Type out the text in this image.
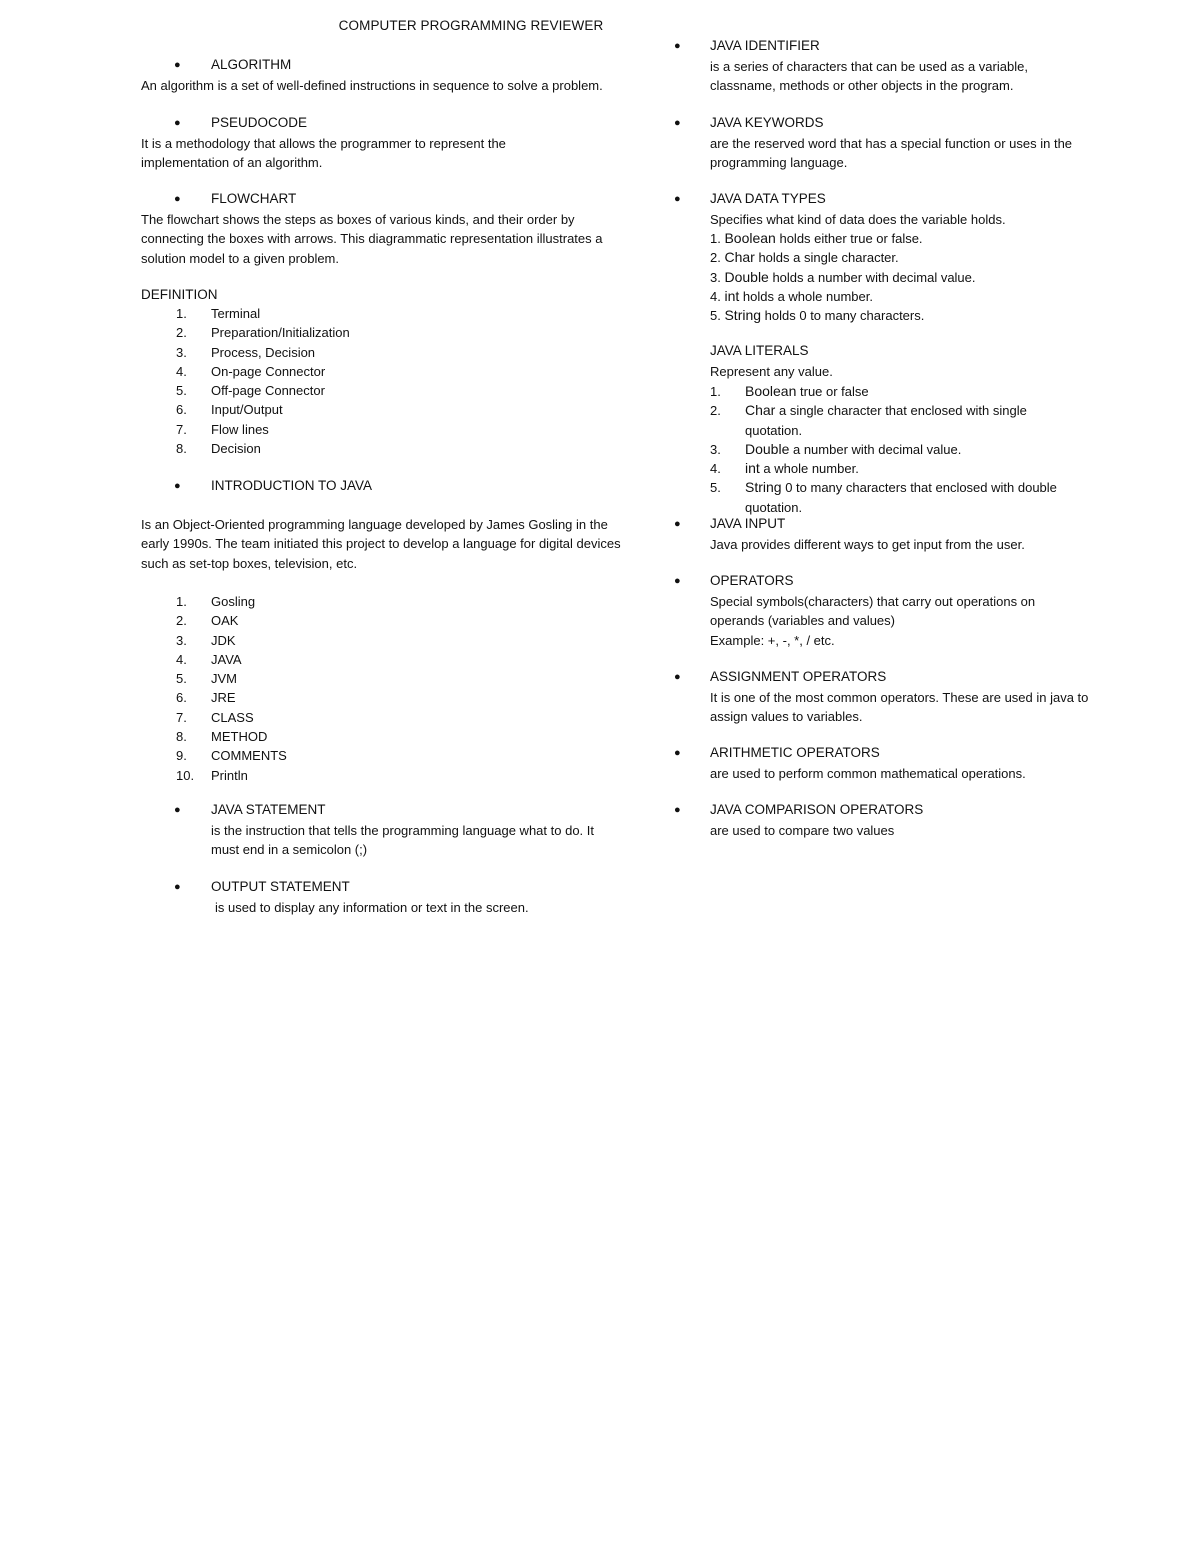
COMPUTER PROGRAMMING REVIEWER
● ALGORITHM
An algorithm is a set of well-defined instructions in sequence to solve a problem.
● PSEUDOCODE
It is a methodology that allows the programmer to represent the implementation of an algorithm.
● FLOWCHART
The flowchart shows the steps as boxes of various kinds, and their order by connecting the boxes with arrows. This diagrammatic representation illustrates a solution model to a given problem.
DEFINITION
1. Terminal
2. Preparation/Initialization
3. Process, Decision
4. On-page Connector
5. Off-page Connector
6. Input/Output
7. Flow lines
8. Decision
● INTRODUCTION TO JAVA
Is an Object-Oriented programming language developed by James Gosling in the early 1990s. The team initiated this project to develop a language for digital devices such as set-top boxes, television, etc.
1. Gosling
2. OAK
3. JDK
4. JAVA
5. JVM
6. JRE
7. CLASS
8. METHOD
9. COMMENTS
10. Println
● JAVA STATEMENT
is the instruction that tells the programming language what to do. It must end in a semicolon (;)
● OUTPUT STATEMENT
is used to display any information or text in the screen.
● JAVA IDENTIFIER
is a series of characters that can be used as a variable, classname, methods or other objects in the program.
● JAVA KEYWORDS
are the reserved word that has a special function or uses in the programming language.
● JAVA DATA TYPES
Specifies what kind of data does the variable holds.
1. Boolean holds either true or false.
2. Char holds a single character.
3. Double holds a number with decimal value.
4. int holds a whole number.
5. String holds 0 to many characters.
JAVA LITERALS
Represent any value.
1. Boolean true or false
2. Char a single character that enclosed with single
quotation.
3. Double a number with decimal value.
4. int a whole number.
5. String 0 to many characters that enclosed with double
quotation.
● JAVA INPUT
Java provides different ways to get input from the user.
● OPERATORS
Special symbols(characters) that carry out operations on operands (variables and values)
Example: +, -, *, / etc.
● ASSIGNMENT OPERATORS
It is one of the most common operators. These are used in java to assign values to variables.
● ARITHMETIC OPERATORS
are used to perform common mathematical operations.
● JAVA COMPARISON OPERATORS
are used to compare two values
